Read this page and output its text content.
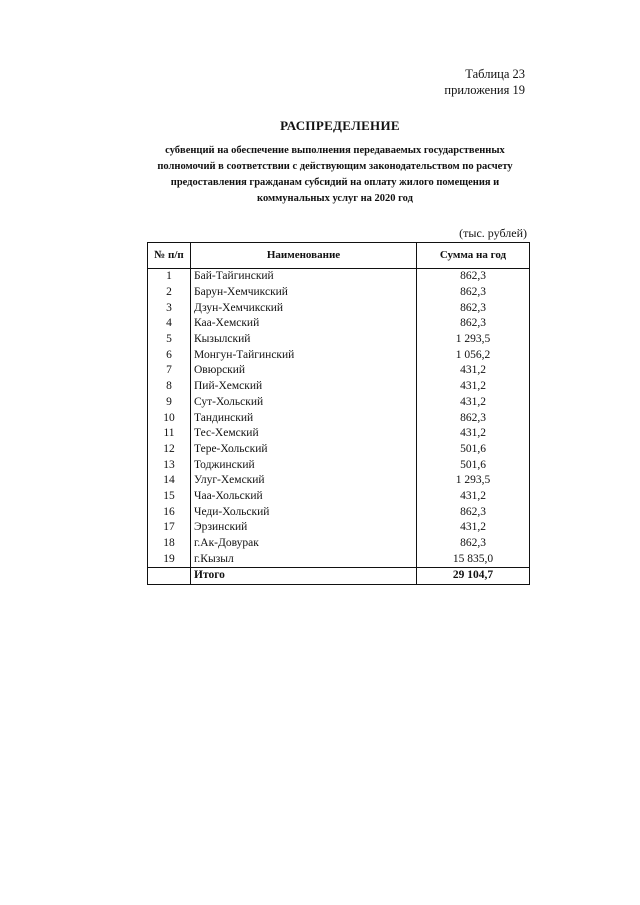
Таблица 23
приложения 19
РАСПРЕДЕЛЕНИЕ
субвенций на обеспечение выполнения передаваемых государственных полномочий в соответствии с действующим законодательством по расчету предоставления гражданам субсидий на оплату жилого помещения и коммунальных услуг на 2020 год
(тыс. рублей)
№ п/п	Наименование	Сумма на год
1	Бай-Тайгинский	862,3
2	Барун-Хемчикский	862,3
3	Дзун-Хемчикский	862,3
4	Каа-Хемский	862,3
5	Кызылский	1 293,5
6	Монгун-Тайгинский	1 056,2
7	Овюрский	431,2
8	Пий-Хемский	431,2
9	Сут-Хольский	431,2
10	Тандинский	862,3
11	Тес-Хемский	431,2
12	Тере-Хольский	501,6
13	Тоджинский	501,6
14	Улуг-Хемский	1 293,5
15	Чаа-Хольский	431,2
16	Чеди-Хольский	862,3
17	Эрзинский	431,2
18	г.Ак-Довурак	862,3
19	г.Кызыл	15 835,0
	Итого	29 104,7
